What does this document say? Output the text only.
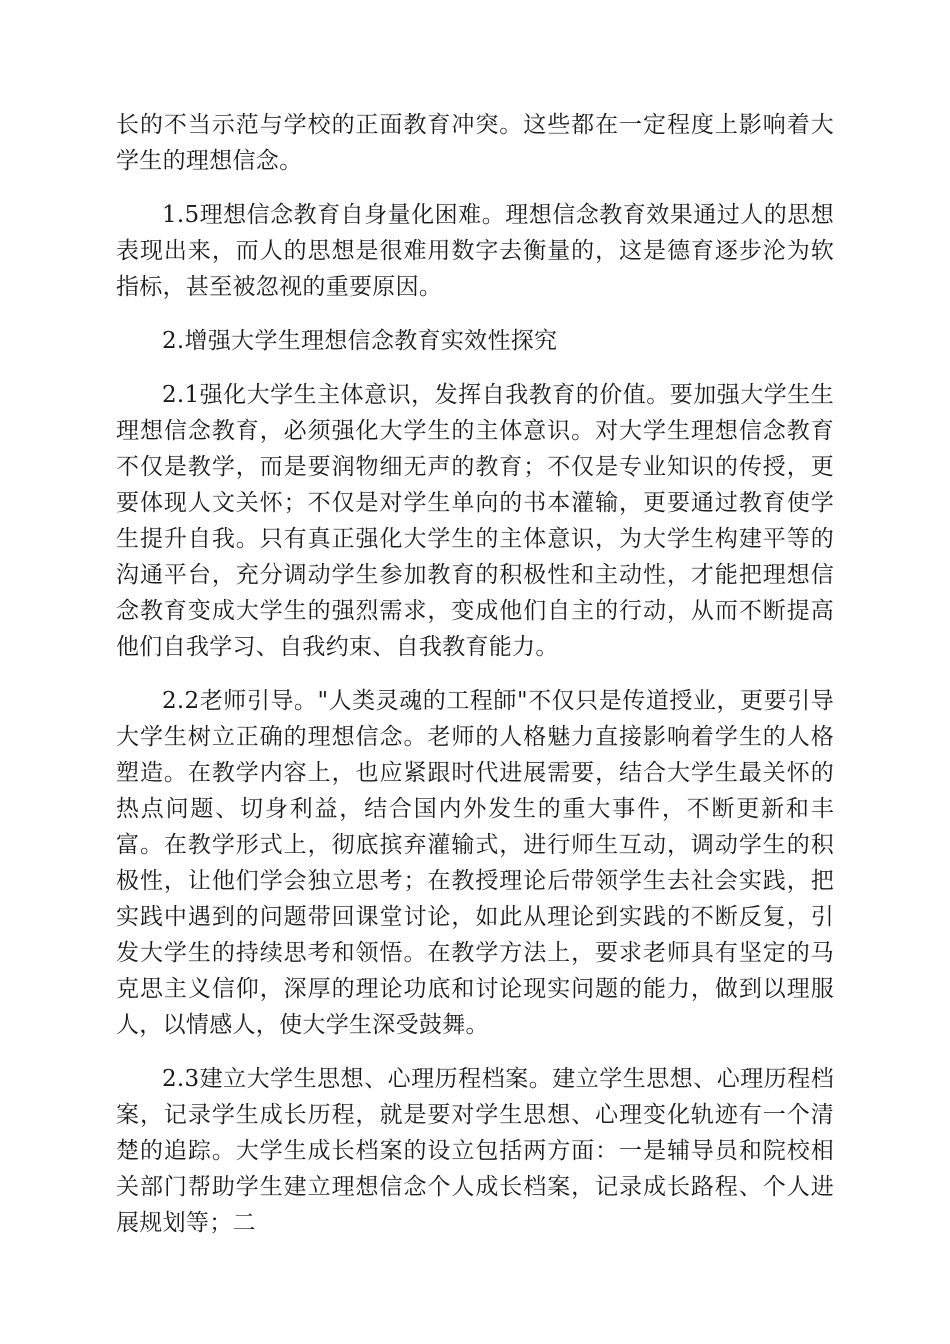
长的不当示范与学校的正面教育冲突。这些都在一定程度上影响着大学生的理想信念。

1.5理想信念教育自身量化困难。理想信念教育效果通过人的思想表现出来，而人的思想是很难用数字去衡量的，这是德育逐步沦为软指标，甚至被忽视的重要原因。

2.增强大学生理想信念教育实效性探究

2.1强化大学生主体意识，发挥自我教育的价值。要加强大学生生理想信念教育，必须强化大学生的主体意识。对大学生理想信念教育不仅是教学，而是要润物细无声的教育；不仅是专业知识的传授，更要体现人文关怀；不仅是对学生单向的书本灌输，更要通过教育使学生提升自我。只有真正强化大学生的主体意识，为大学生构建平等的沟通平台，充分调动学生参加教育的积极性和主动性，才能把理想信念教育变成大学生的强烈需求，变成他们自主的行动，从而不断提高他们自我学习、自我约束、自我教育能力。

2.2老师引导。"人类灵魂的工程師"不仅只是传道授业，更要引导大学生树立正确的理想信念。老师的人格魅力直接影响着学生的人格塑造。在教学内容上，也应紧跟时代进展需要，结合大学生最关怀的热点问题、切身利益，结合国内外发生的重大事件，不断更新和丰富。在教学形式上，彻底摈弃灌输式，进行师生互动，调动学生的积极性，让他们学会独立思考；在教授理论后带领学生去社会实践，把实践中遇到的问题带回课堂讨论，如此从理论到实践的不断反复，引发大学生的持续思考和领悟。在教学方法上，要求老师具有坚定的马克思主义信仰，深厚的理论功底和讨论现实问题的能力，做到以理服人，以情感人，使大学生深受鼓舞。

2.3建立大学生思想、心理历程档案。建立学生思想、心理历程档案，记录学生成长历程，就是要对学生思想、心理变化轨迹有一个清楚的追踪。大学生成长档案的设立包括两方面：一是辅导员和院校相关部门帮助学生建立理想信念个人成长档案，记录成长路程、个人进展规划等；二
